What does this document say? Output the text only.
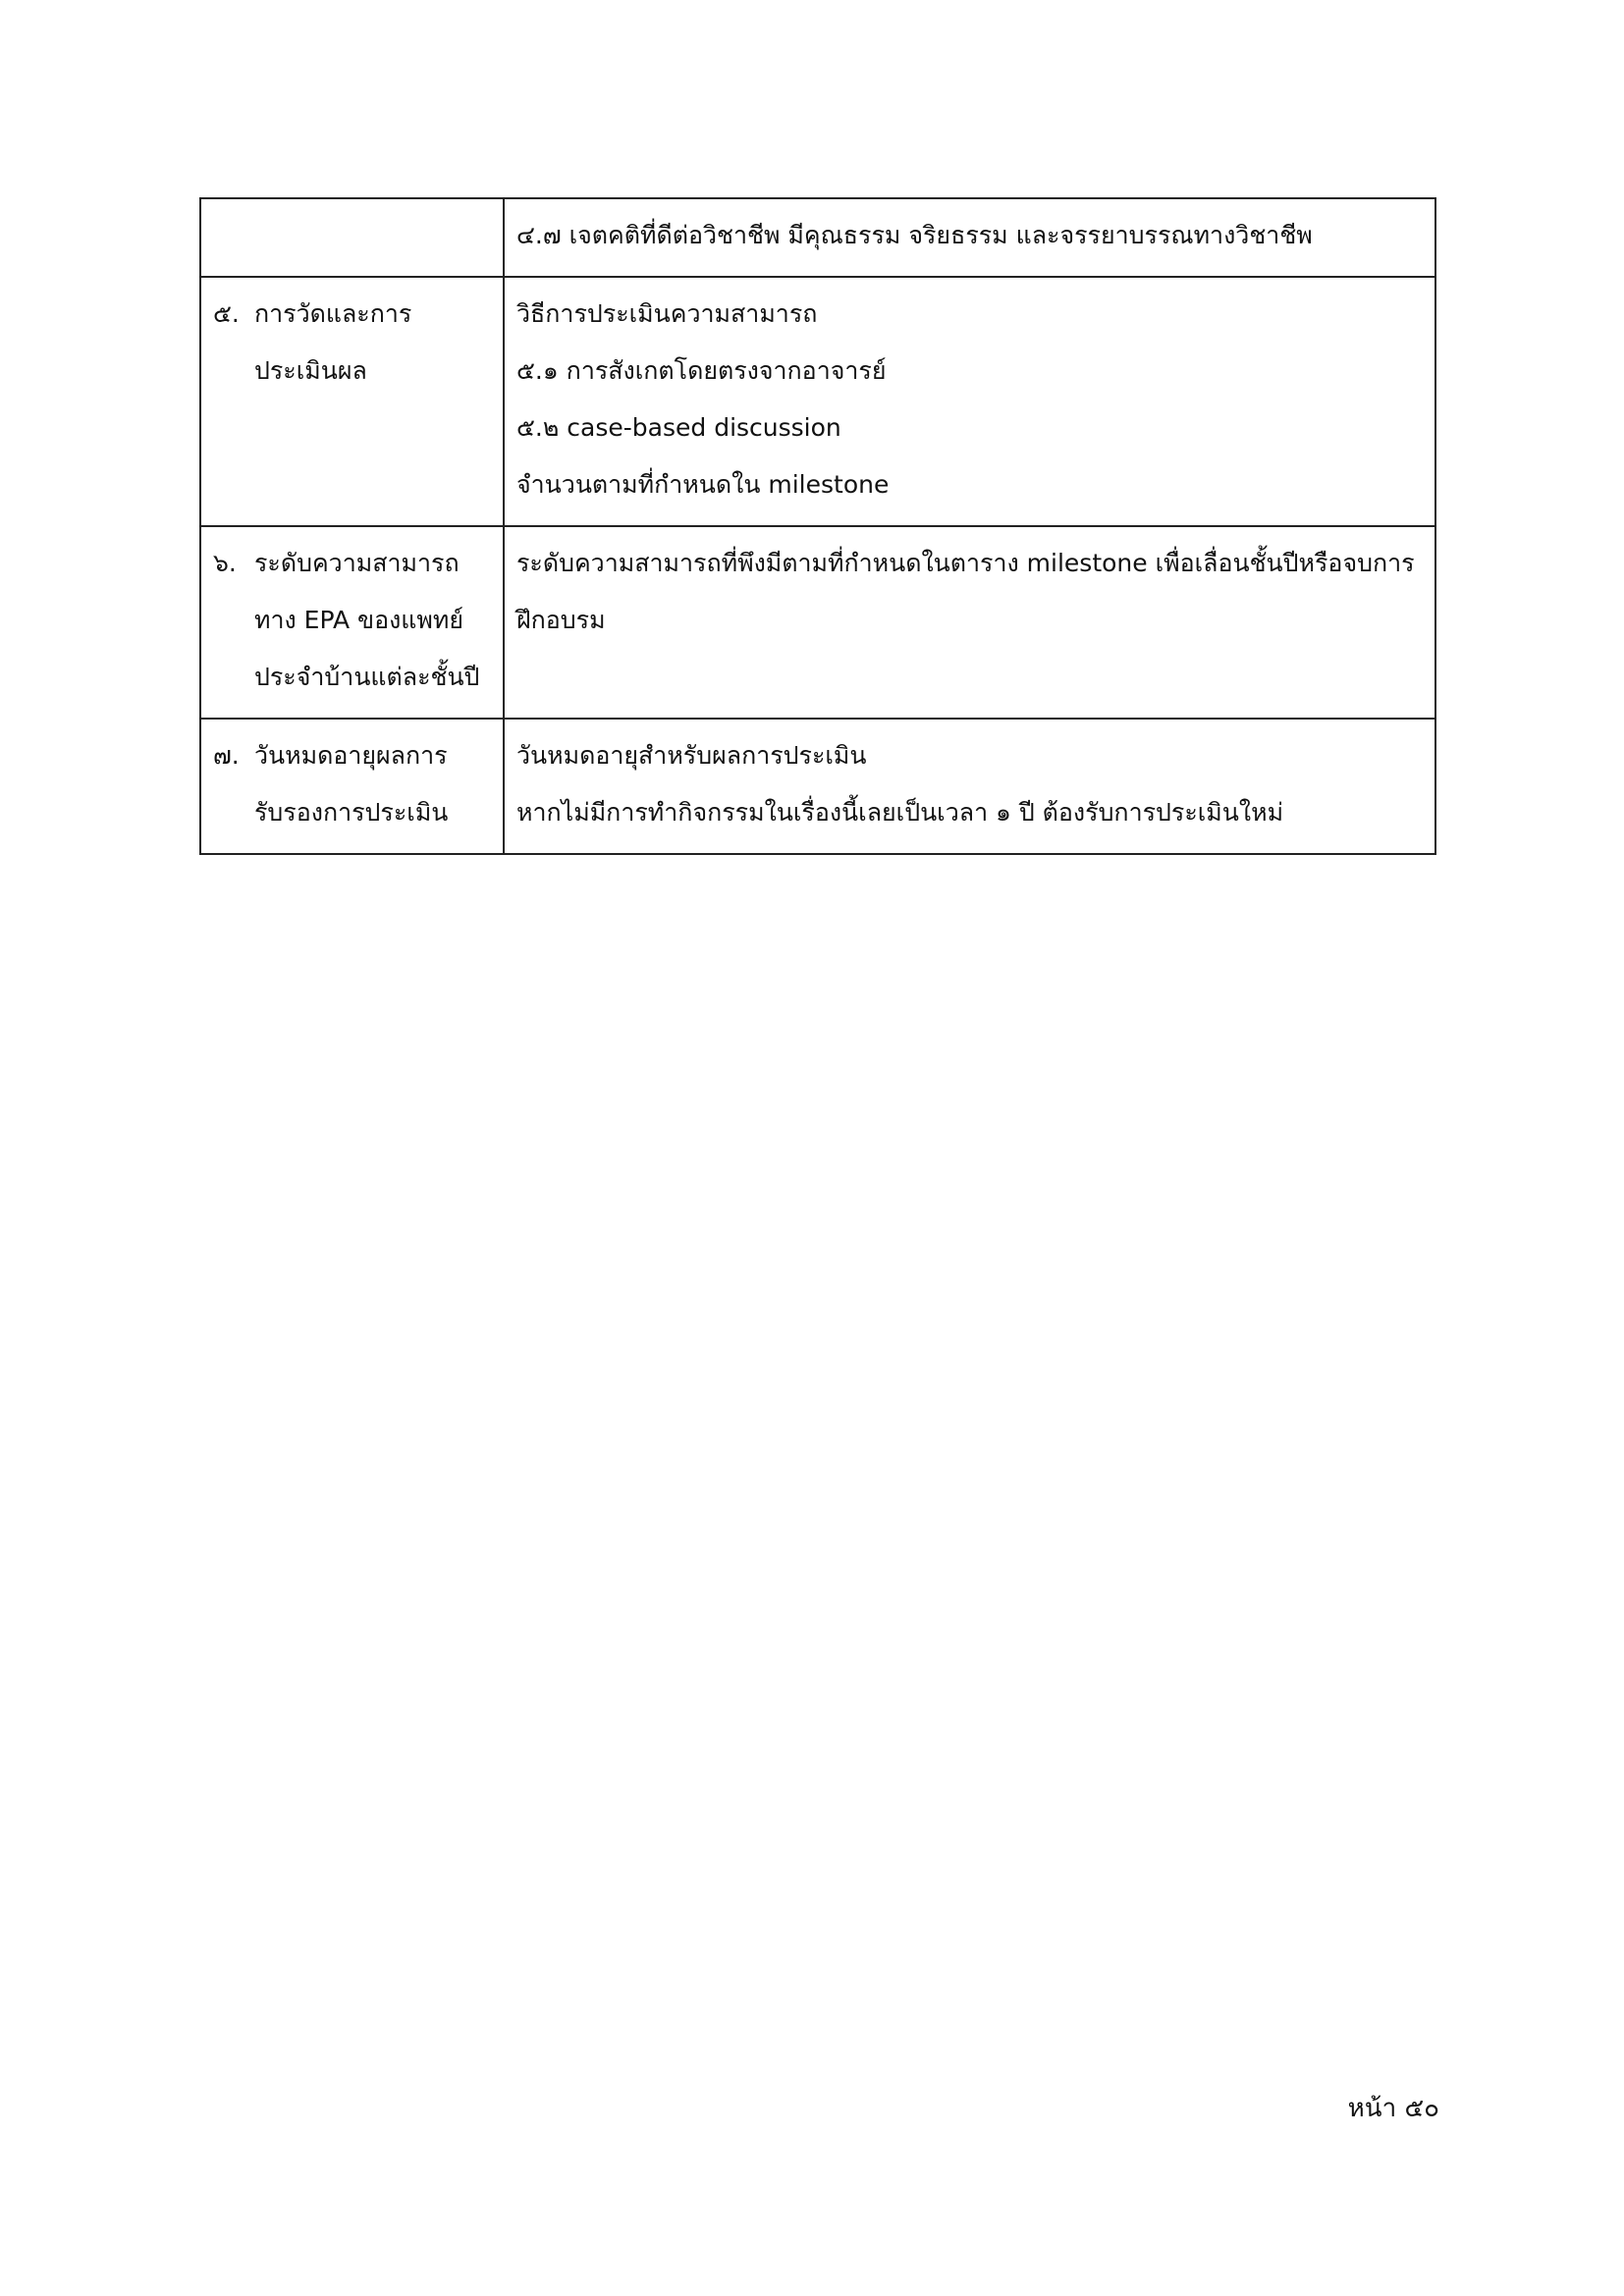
	๔.๗ เจตคติที่ดีต่อวิชาชีพ มีคุณธรรม จริยธรรม และจรรยาบรรณทางวิชาชีพ

๕. การวัดและการ
ประเมินผล	วิธีการประเมินความสามารถ
๕.๑ การสังเกตโดยตรงจากอาจารย์
๕.๒ case-based discussion
จำนวนตามที่กำหนดใน milestone

๖. ระดับความสามารถ
ทาง EPA ของแพทย์
ประจำบ้านแต่ละชั้นปี	ระดับความสามารถที่พึงมีตามที่กำหนดในตาราง milestone เพื่อเลื่อนชั้นปีหรือจบการ
ฝึกอบรม

๗. วันหมดอายุผลการ
รับรองการประเมิน	วันหมดอายุสำหรับผลการประเมิน
หากไม่มีการทำกิจกรรมในเรื่องนี้เลยเป็นเวลา ๑ ปี ต้องรับการประเมินใหม่
หน้า ๕๐
